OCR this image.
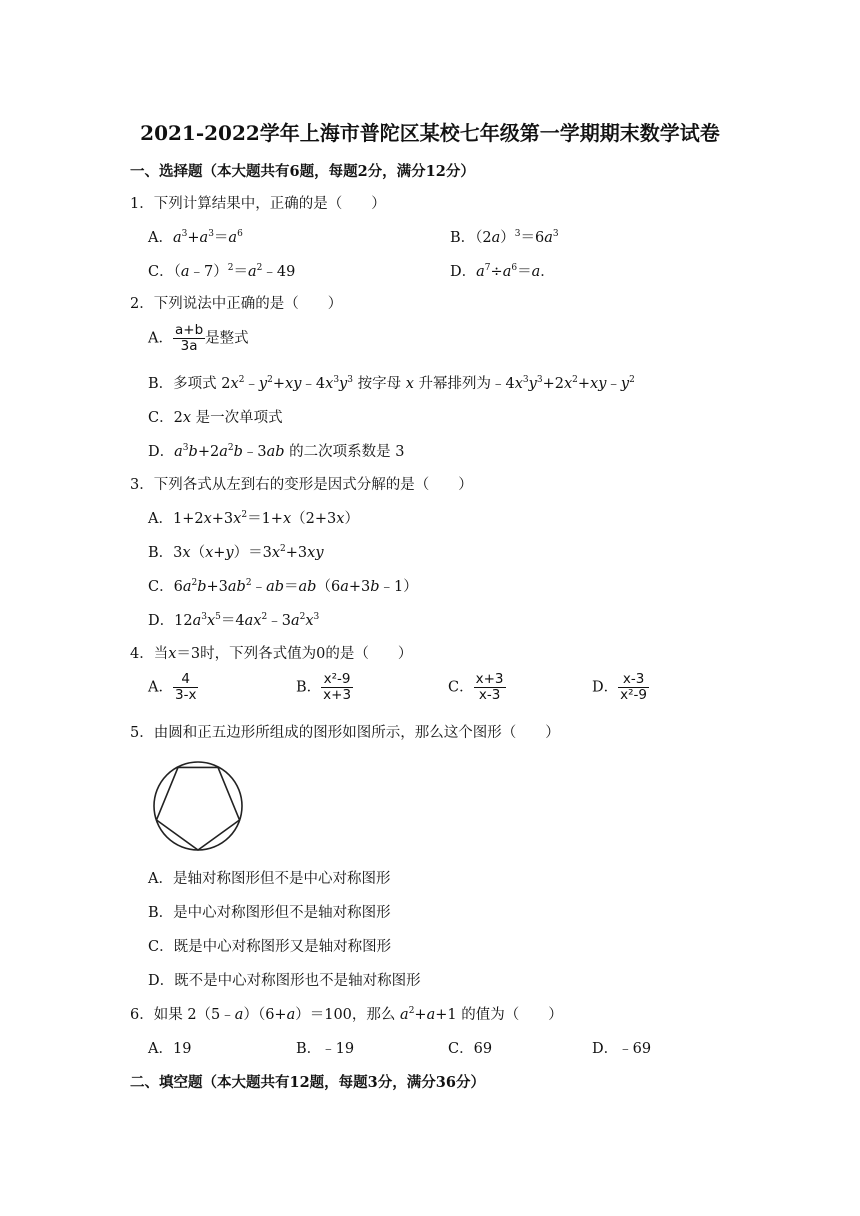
2021-2022学年上海市普陀区某校七年级第一学期期末数学试卷
一、选择题（本大题共有6题，每题2分，满分12分）
1．下列计算结果中，正确的是（　　）
A．$a^3+a^3=a^6$	B．$(2a)^3=6a^3$
C．$(a﹣7)^2=a^2﹣49$	D．$a^7\div a^6=a$．
2．下列说法中正确的是（　　）
A． $\frac{a+b}{3a}$ 是整式
B．多项式 $2x^2﹣y^2+xy﹣4x^3y^3$ 按字母 x 升幂排列为$﹣4x^3y^3+2x^2+xy﹣y^2$
C．2x 是一次单项式
D．$a^3b+2a^2b﹣3ab$ 的二次项系数是 3
3．下列各式从左到右的变形是因式分解的是（　　）
A．$1+2x+3x^2=1+x(2+3x)$
B．$3x(x+y)=3x^2+3xy$
C．$6a^2b+3ab^2﹣ab=ab(6a+3b﹣1)$
D．$12a^3x^5=4ax^2﹣3a^2x^3$
4．当x＝3时，下列各式值为0的是（　　）
A． $\frac{4}{3-x}$	B． $\frac{\text{x²-9}}{x+3}$	C． $\frac{x+3}{x-3}$	D． $\frac{x-3}{\text{x²-9}}$
5．由圆和正五边形所组成的图形如图所示，那么这个图形（　　）
A．是轴对称图形但不是中心对称图形
B．是中心对称图形但不是轴对称图形
C．既是中心对称图形又是轴对称图形
D．既不是中心对称图形也不是轴对称图形
6．如果 2（5﹣a）（6+a）＝100，那么 $a^2+a+1$ 的值为（　　）
A．19	B．﹣19	C．69	D．﹣69
二、填空题（本大题共有12题，每题3分，满分36分）
